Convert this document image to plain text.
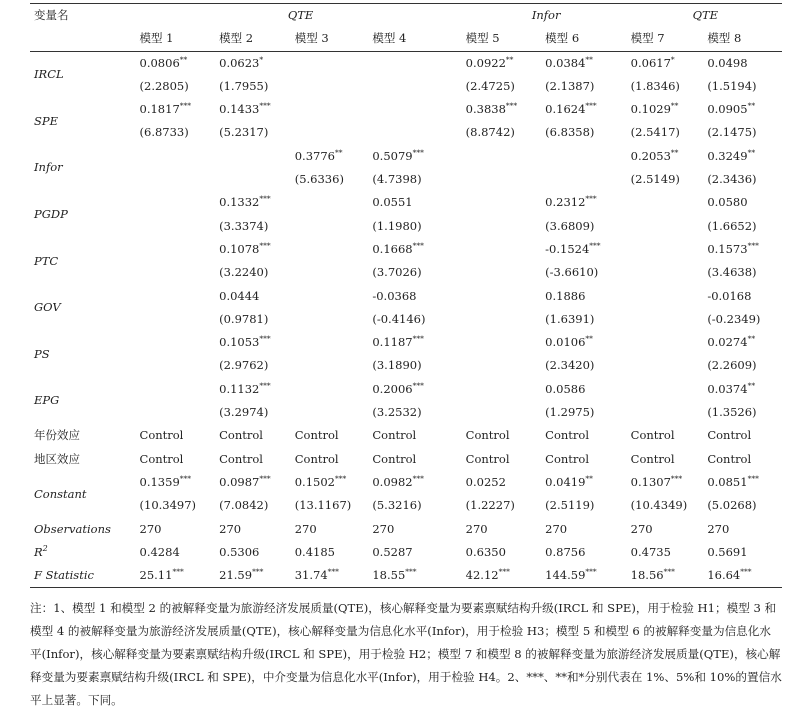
变量名	QTE				Infor		QTE	
	模型 1	模型 2	模型 3	模型 4	模型 5	模型 6	模型 7	模型 8

IRCL	0.0806**	0.0623*			0.0922**	0.0384**	0.0617*	0.0498
	(2.2805)	(1.7955)			(2.4725)	(2.1387)	(1.8346)	(1.5194)
SPE	0.1817***	0.1433***			0.3838***	0.1624***	0.1029**	0.0905**
	(6.8733)	(5.2317)			(8.8742)	(6.8358)	(2.5417)	(2.1475)
Infor			0.3776**	0.5079***			0.2053**	0.3249**
			(5.6336)	(4.7398)			(2.5149)	(2.3436)
PGDP		0.1332***		0.0551		0.2312***		0.0580
		(3.3374)		(1.1980)		(3.6809)		(1.6652)
PTC		0.1078***		0.1668***		-0.1524***		0.1573***
		(3.2240)		(3.7026)		(-3.6610)		(3.4638)
GOV		0.0444		-0.0368		0.1886		-0.0168
		(0.9781)		(-0.4146)		(1.6391)		(-0.2349)
PS		0.1053***		0.1187***		0.0106**		0.0274**
		(2.9762)		(3.1890)		(2.3420)		(2.2609)
EPG		0.1132***		0.2006***		0.0586		0.0374**
		(3.2974)		(3.2532)		(1.2975)		(1.3526)
年份效应	Control	Control	Control	Control	Control	Control	Control	Control
地区效应	Control	Control	Control	Control	Control	Control	Control	Control
Constant	0.1359***	0.0987***	0.1502***	0.0982***	0.0252	0.0419**	0.1307***	0.0851***
	(10.3497)	(7.0842)	(13.1167)	(5.3216)	(1.2227)	(2.5119)	(10.4349)	(5.0268)
Observations	270	270	270	270	270	270	270	270
$R^2$	0.4284	0.5306	0.4185	0.5287	0.6350	0.8756	0.4735	0.5691
F Statistic	25.11***	21.59***	31.74***	18.55***	42.12***	144.59***	18.56***	16.64***

注：1、模型 1 和模型 2 的被解释变量为旅游经济发展质量(QTE)，核心解释变量为要素禀赋结构升级(IRCL 和 SPE)，用于检验 H1；模型 3 和模型 4 的被解释变量为旅游经济发展质量(QTE)，核心解释变量为信息化水平(Infor)，用于检验 H3；模型 5 和模型 6 的被解释变量为信息化水平(Infor)，核心解释变量为要素禀赋结构升级(IRCL 和 SPE)，用于检验 H2；模型 7 和模型 8 的被解释变量为旅游经济发展质量(QTE)，核心解释变量为要素禀赋结构升级(IRCL 和 SPE)，中介变量为信息化水平(Infor)，用于检验 H4。2、***、**和*分别代表在 1%、5%和 10%的置信水平上显著。下同。
